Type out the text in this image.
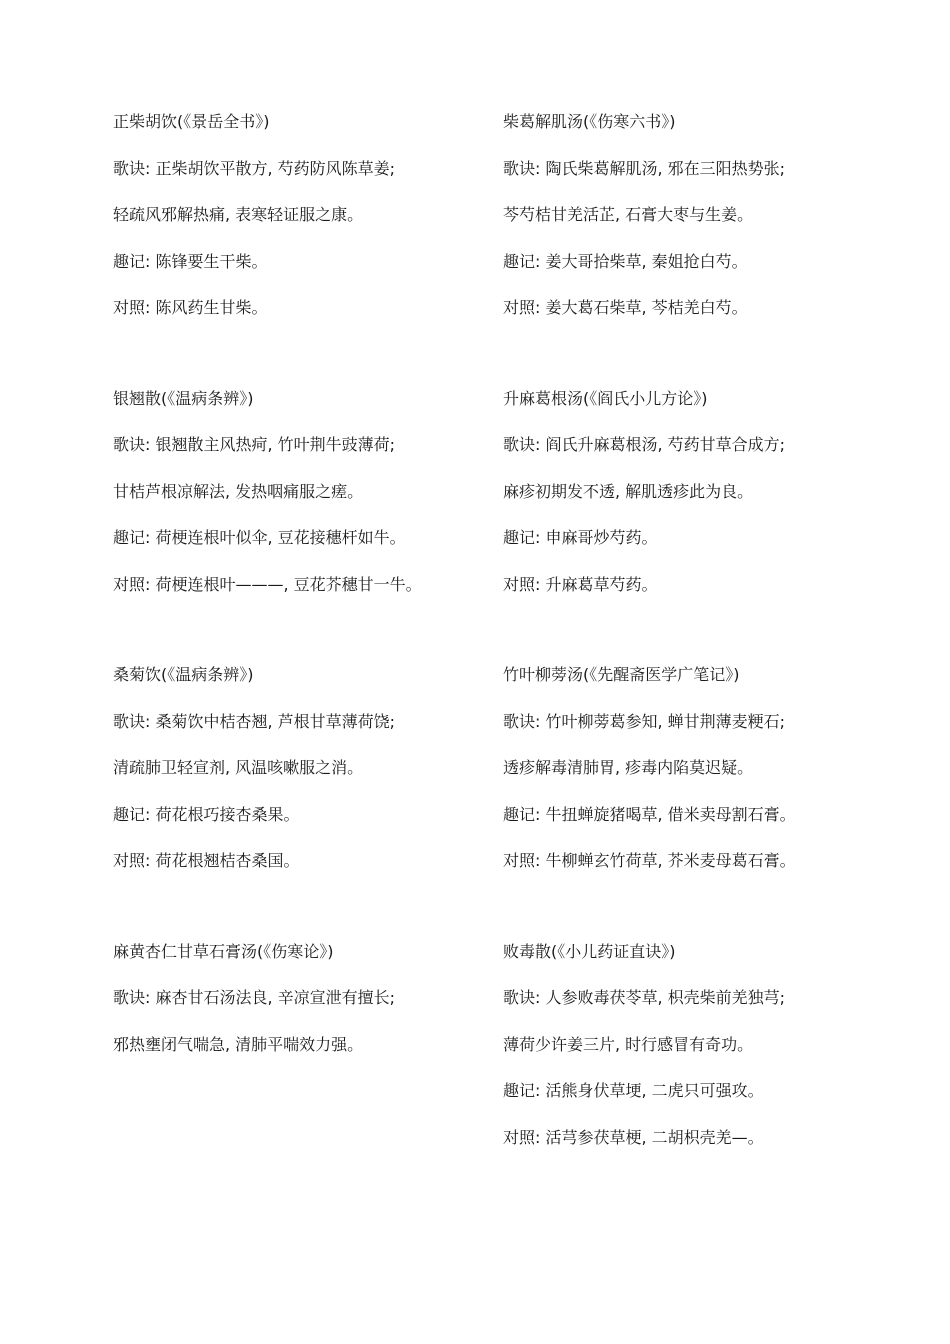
正柴胡饮(《景岳全书》)
歌诀: 正柴胡饮平散方, 芍药防风陈草姜;
轻疏风邪解热痛, 表寒轻证服之康。
趣记: 陈锋要生干柴。
对照: 陈风药生甘柴。
银翘散(《温病条辨》)
歌诀: 银翘散主风热疴, 竹叶荆牛豉薄荷;
甘桔芦根凉解法, 发热咽痛服之瘥。
趣记: 荷梗连根叶似伞, 豆花接穗杆如牛。
对照: 荷梗连根叶———, 豆花芥穗甘一牛。
桑菊饮(《温病条辨》)
歌诀: 桑菊饮中桔杏翘, 芦根甘草薄荷饶;
清疏肺卫轻宣剂, 风温咳嗽服之消。
趣记: 荷花根巧接杏桑果。
对照: 荷花根翘桔杏桑国。
麻黄杏仁甘草石膏汤(《伤寒论》)
歌诀: 麻杏甘石汤法良, 辛凉宣泄有擅长;
邪热壅闭气喘急, 清肺平喘效力强。
柴葛解肌汤(《伤寒六书》)
歌诀: 陶氏柴葛解肌汤, 邪在三阳热势张;
芩芍桔甘羌活芷, 石膏大枣与生姜。
趣记: 姜大哥拾柴草, 秦姐抢白芍。
对照: 姜大葛石柴草, 芩桔羌白芍。
升麻葛根汤(《阎氏小儿方论》)
歌诀: 阎氏升麻葛根汤, 芍药甘草合成方;
麻疹初期发不透, 解肌透疹此为良。
趣记: 申麻哥炒芍药。
对照: 升麻葛草芍药。
竹叶柳蒡汤(《先醒斋医学广笔记》)
歌诀: 竹叶柳蒡葛参知, 蝉甘荆薄麦粳石;
透疹解毒清肺胃, 疹毒内陷莫迟疑。
趣记: 牛扭蝉旋猪喝草, 借米卖母割石膏。
对照: 牛柳蝉玄竹荷草, 芥米麦母葛石膏。
败毒散(《小儿药证直诀》)
歌诀: 人参败毒茯苓草, 枳壳柴前羌独芎;
薄荷少许姜三片, 时行感冒有奇功。
趣记: 活熊身伏草埂, 二虎只可强攻。
对照: 活芎参茯草梗, 二胡枳壳羌—。
